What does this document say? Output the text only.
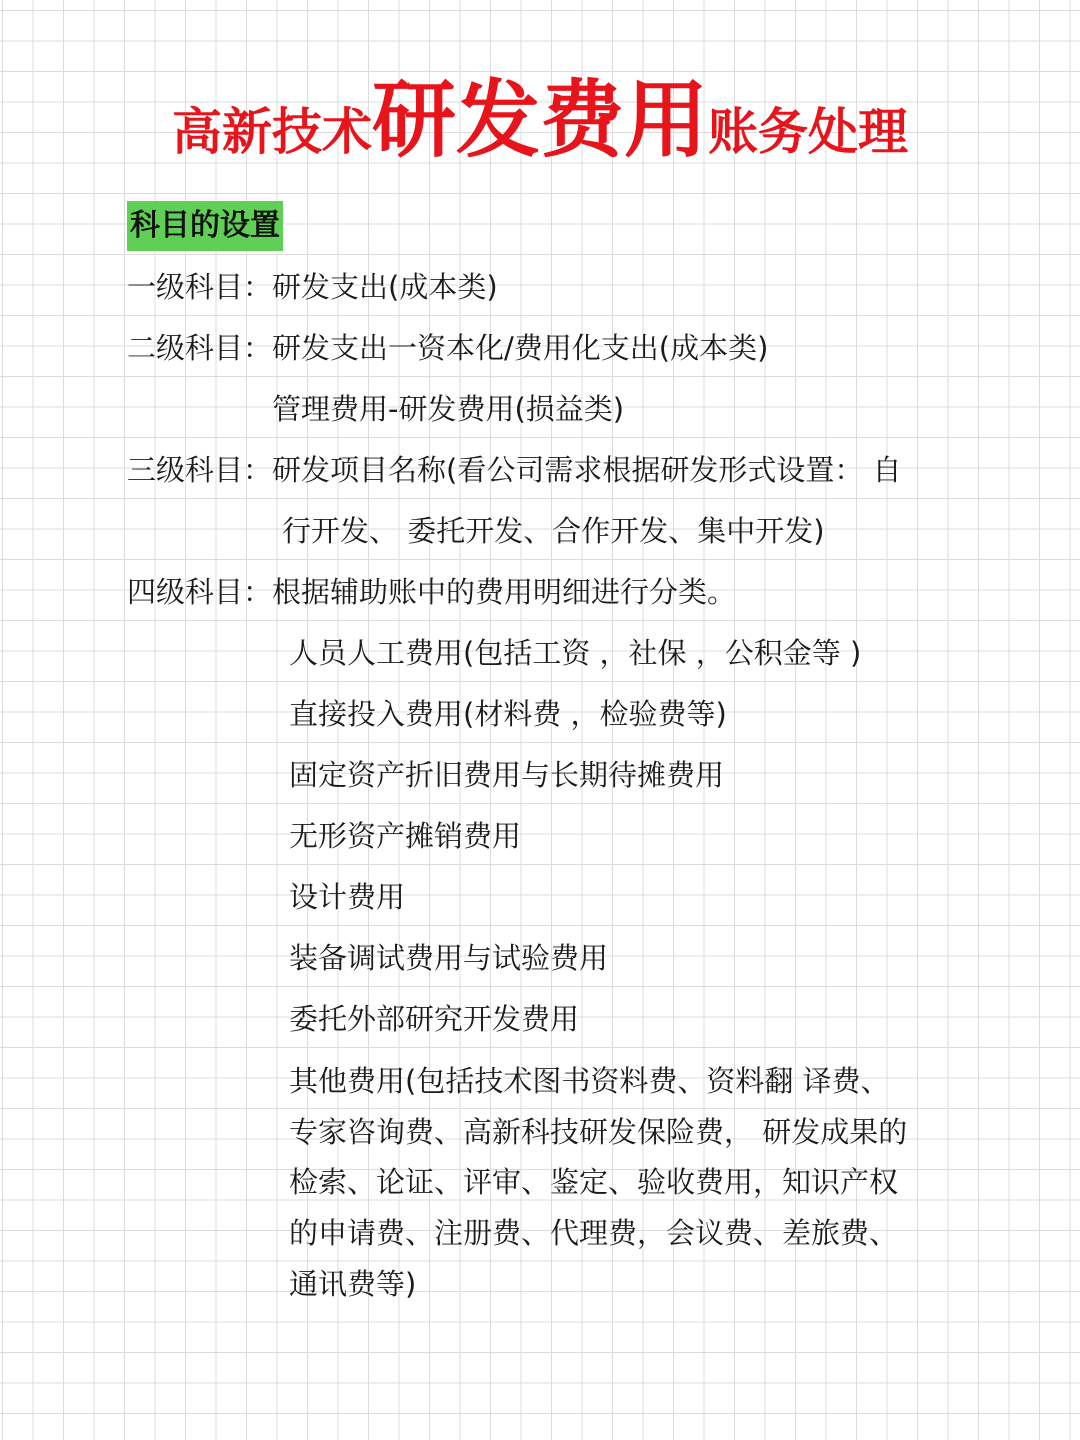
高新技术研发费用账务处理
科目的设置
一级科目：研发支出(成本类)
二级科目：研发支出一资本化/费用化支出(成本类)
管理费用-研发费用(损益类)
三级科目：研发项目名称(看公司需求根据研发形式设置： 自
行开发、 委托开发、合作开发、集中开发)
四级科目：根据辅助账中的费用明细进行分类。
人员人工费用(包括工资 ，社保 ，公积金等 )
直接投入费用(材料费 ，检验费等)
固定资产折旧费用与长期待摊费用
无形资产摊销费用
设计费用
装备调试费用与试验费用
委托外部研究开发费用
其他费用(包括技术图书资料费、资料翻 译费、
专家咨询费、高新科技研发保险费， 研发成果的
检索、论证、评审、鉴定、验收费用，知识产权
的申请费、注册费、代理费，会议费、差旅费、
通讯费等)
